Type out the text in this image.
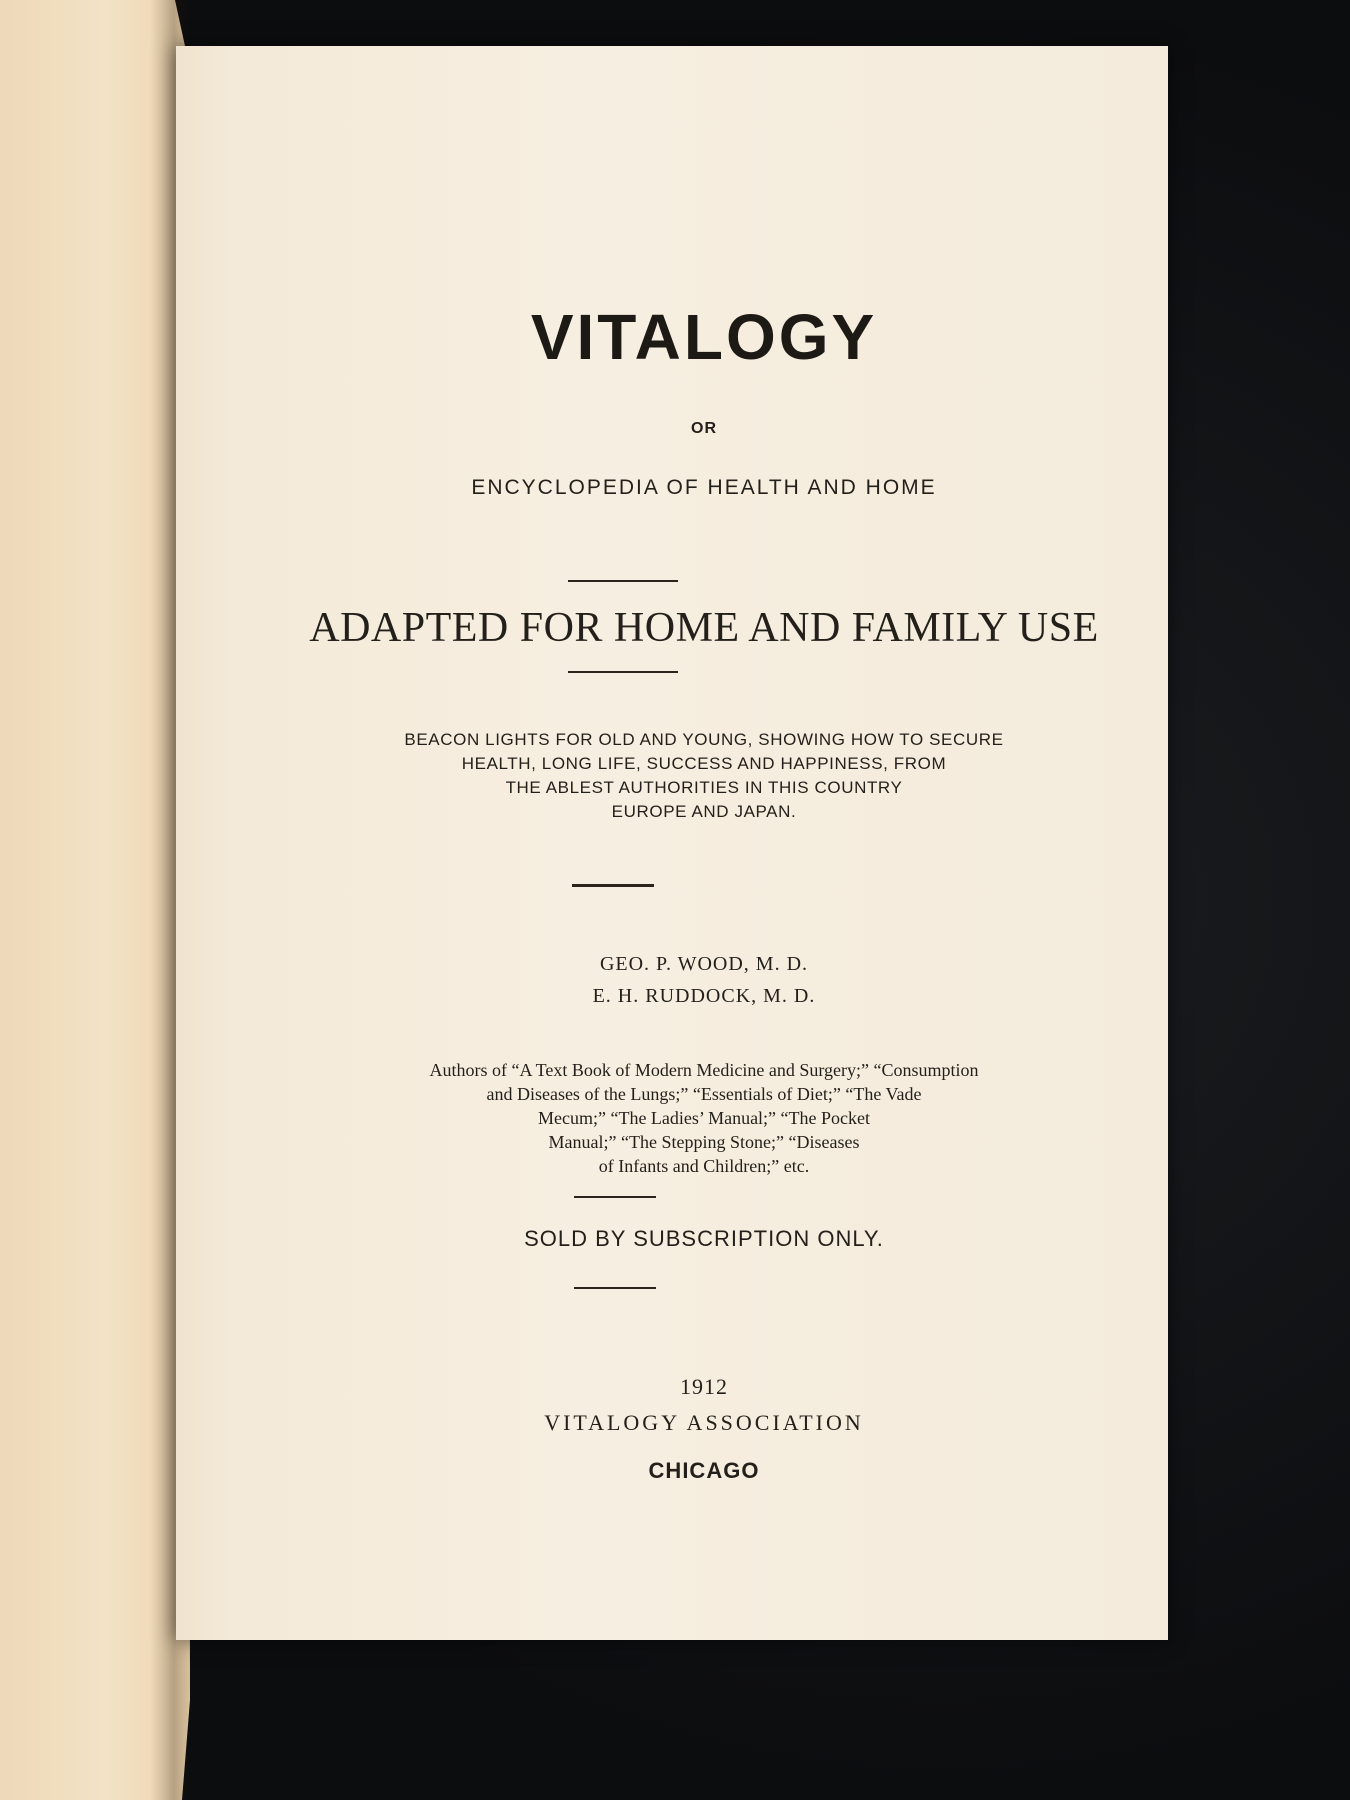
VITALOGY

OR

ENCYCLOPEDIA OF HEALTH AND HOME

ADAPTED FOR HOME AND FAMILY USE

BEACON LIGHTS FOR OLD AND YOUNG, SHOWING HOW TO SECURE
HEALTH, LONG LIFE, SUCCESS AND HAPPINESS, FROM
THE ABLEST AUTHORITIES IN THIS COUNTRY
EUROPE AND JAPAN.
GEO. P. WOOD, M. D.
E. H. RUDDOCK, M. D.
Authors of “A Text Book of Modern Medicine and Surgery;” “Consumption
and Diseases of the Lungs;” “Essentials of Diet;” “The Vade
Mecum;” “The Ladies’ Manual;” “The Pocket
Manual;” “The Stepping Stone;” “Diseases
of Infants and Children;” etc.

SOLD BY SUBSCRIPTION ONLY.

1912

VITALOGY ASSOCIATION

CHICAGO
